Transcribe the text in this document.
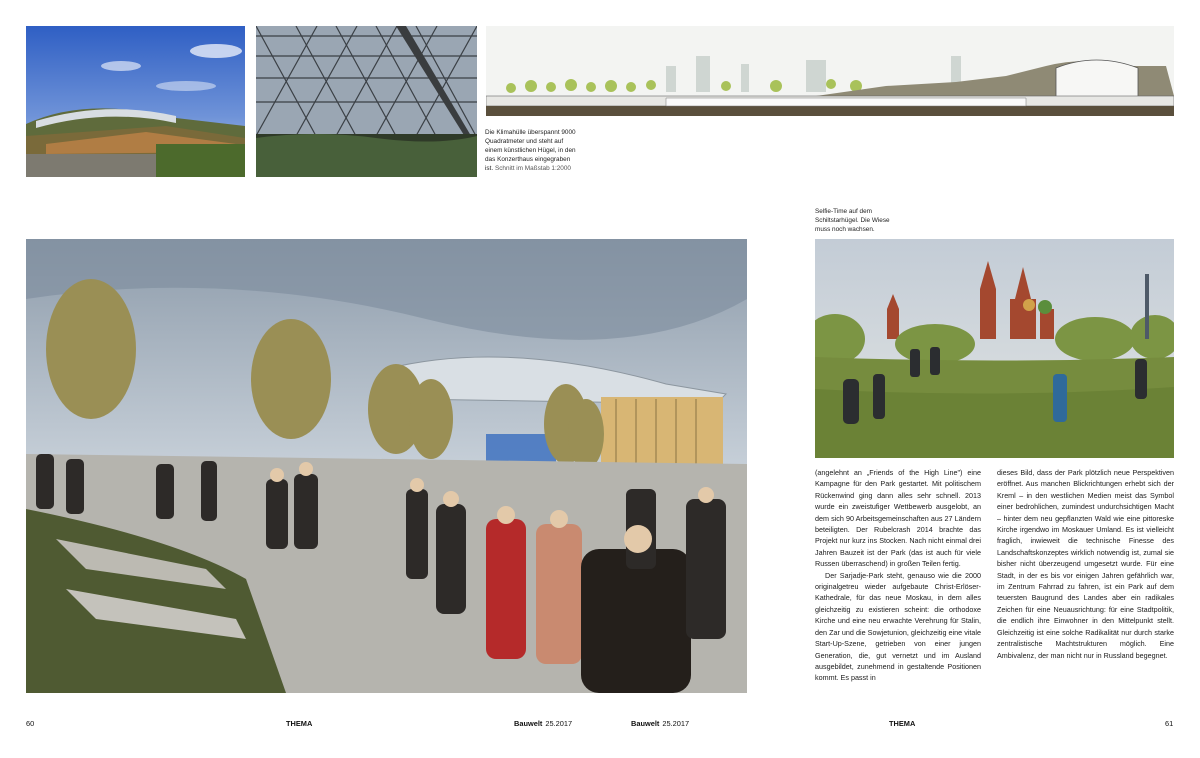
Die Klimahülle überspannt 9000 Quadratmeter und steht auf einem künstlichen Hügel, in den das Konzerthaus eingegraben ist. Schnitt im Maßstab 1:2000
Selfie-Time auf dem Schiltstarhügel. Die Wiese muss noch wachsen.

(angelehnt an „Friends of the High Line") eine Kampagne für den Park gestartet. Mit politischem Rückenwind ging dann alles sehr schnell. 2013 wurde ein zweistufiger Wettbewerb ausgelobt, an dem sich 90 Arbeitsgemeinschaften aus 27 Ländern beteiligten. Der Rubelcrash 2014 brachte das Projekt nur kurz ins Stocken. Nach nicht einmal drei Jahren Bauzeit ist der Park (das ist auch für viele Russen überraschend) in großen Teilen fertig.

Der Sarjadje-Park steht, genauso wie die 2000 originalgetreu wieder aufgebaute Christ-Erlöser-Kathedrale, für das neue Moskau, in dem alles gleichzeitig zu existieren scheint: die orthodoxe Kirche und eine neu erwachte Verehrung für Stalin, den Zar und die Sowjetunion, gleichzeitig eine vitale Start-Up-Szene, getrieben von einer jungen Generation, die, gut vernetzt und im Ausland ausgebildet, zunehmend in gestaltende Positionen kommt. Es passt in

dieses Bild, dass der Park plötzlich neue Perspektiven eröffnet. Aus manchen Blickrichtungen erhebt sich der Kreml – in den westlichen Medien meist das Symbol einer bedrohlichen, zumindest undurchsichtigen Macht – hinter dem neu gepflanzten Wald wie eine pittoreske Kirche irgendwo im Moskauer Umland. Es ist vielleicht fraglich, inwieweit die technische Finesse des Landschaftskonzeptes wirklich notwendig ist, zumal sie bisher nicht überzeugend umgesetzt wurde. Für eine Stadt, in der es bis vor einigen Jahren gefährlich war, im Zentrum Fahrrad zu fahren, ist ein Park auf dem teuersten Baugrund des Landes aber ein radikales Zeichen für eine Neuausrichtung: für eine Stadtpolitik, die endlich ihre Einwohner in den Mittelpunkt stellt. Gleichzeitig ist eine solche Radikalität nur durch starke zentralistische Machtstrukturen möglich. Eine Ambivalenz, der man nicht nur in Russland begegnet.

60	THEMA	Bauwelt 25.2017	Bauwelt 25.2017	THEMA	61
